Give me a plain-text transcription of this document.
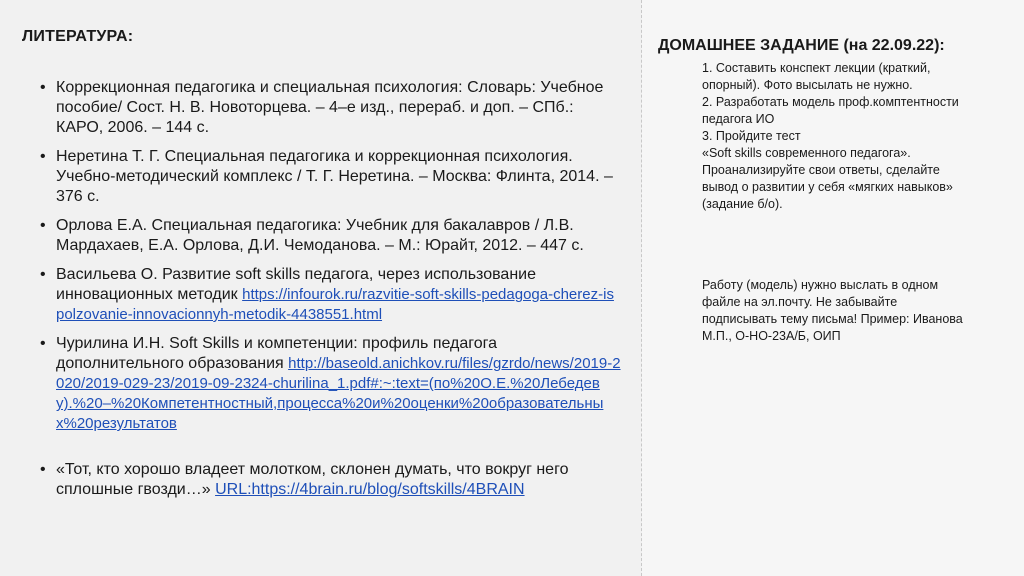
ЛИТЕРАТУРА:
• Коррекционная педагогика и специальная психология: Словарь: Учебное пособие/ Сост. Н. В. Новоторцева. – 4–е изд., перераб. и доп. – СПб.: КАРО, 2006. – 144 с.
• Неретина Т. Г. Специальная педагогика и коррекционная психология. Учебно-методический комплекс / Т. Г. Неретина. – Москва: Флинта, 2014. – 376 с.
• Орлова Е.А. Специальная педагогика: Учебник для бакалавров / Л.В. Мардахаев, Е.А. Орлова, Д.И. Чемоданова. – М.: Юрайт, 2012. – 447 с.
• Васильева О. Развитие soft skills педагога, через использование инновационных методик https://infourok.ru/razvitie-soft-skills-pedagoga-cherez-ispolzovanie-innovacionnyh-metodik-4438551.html
• Чурилина И.Н. Soft Skills и компетенции: профиль педагога дополнительного образования http://baseold.anichkov.ru/files/gzrdo/news/2019-2020/2019-029-23/2019-09-2324-churilina_1.pdf#:~:text=(по%20О.Е.%20Лебедеву).%20–%20Компетентностный,процесса%20и%20оценки%20образовательных%20результатов
• «Тот, кто хорошо владеет молотком, склонен думать, что вокруг него сплошные гвозди…» URL:https://4brain.ru/blog/softskills/4BRAIN
ДОМАШНЕЕ ЗАДАНИЕ (на 22.09.22):

1. Составить конспект лекции (краткий, опорный). Фото высылать не нужно.

2. Разработать модель проф.комптентности педагога ИО

3. Пройдите тест

«Soft skills современного педагога». Проанализируйте свои ответы, сделайте вывод о развитии у себя «мягких навыков» (задание б/о).

Работу (модель) нужно выслать в одном файле на эл.почту. Не забывайте подписывать тему письма! Пример: Иванова М.П., О-НО-23А/Б, ОИП
